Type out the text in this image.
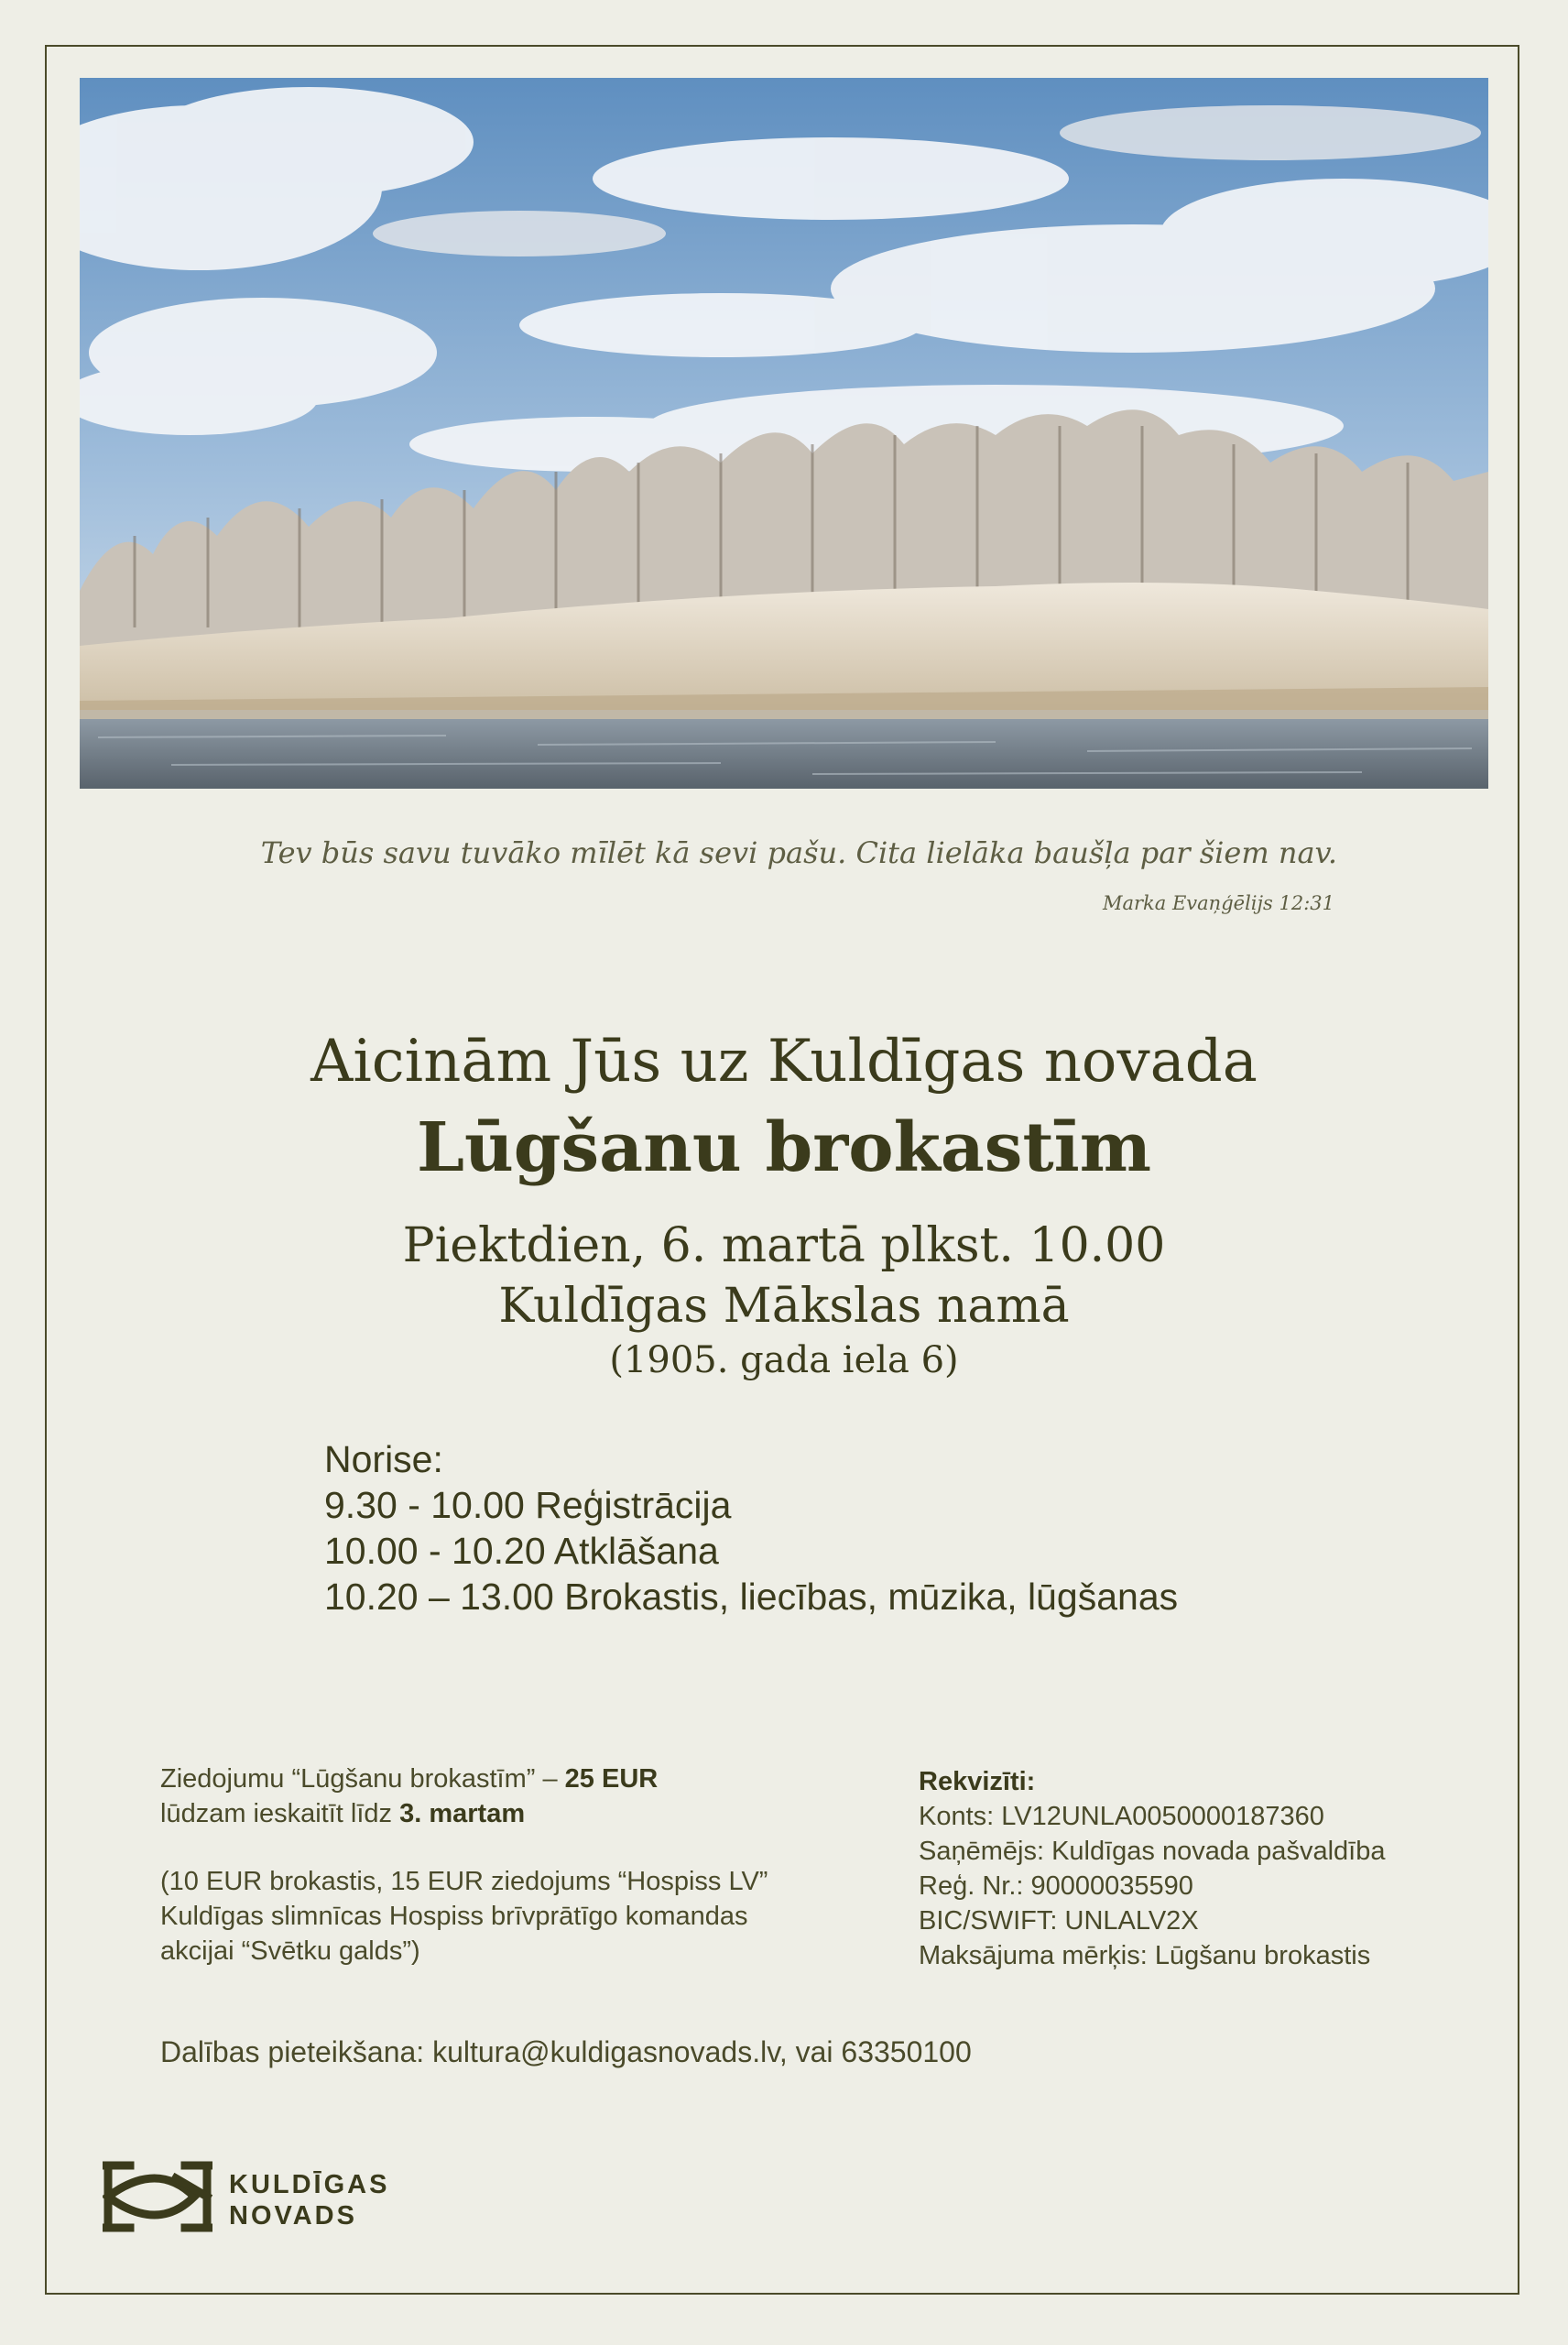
Tev būs savu tuvāko mīlēt kā sevi pašu. Cita lielāka baušļa par šiem nav.
Marka Evaņģēlijs 12:31
Aicinām Jūs uz Kuldīgas novada
Lūgšanu brokastīm
Piektdien, 6. martā plkst. 10.00
Kuldīgas Mākslas namā
(1905. gada iela 6)
Norise:
9.30 - 10.00 Reģistrācija
10.00 - 10.20 Atklāšana
10.20 – 13.00 Brokastis, liecības, mūzika, lūgšanas
Ziedojumu “Lūgšanu brokastīm” – 25 EUR
lūdzam ieskaitīt līdz 3. martam
(10 EUR brokastis, 15 EUR ziedojums “Hospiss LV”
Kuldīgas slimnīcas Hospiss brīvprātīgo komandas
akcijai “Svētku galds”)
Rekvizīti:
Konts: LV12UNLA0050000187360
Saņēmējs: Kuldīgas novada pašvaldība
Reģ. Nr.: 90000035590
BIC/SWIFT: UNLALV2X
Maksājuma mērķis: Lūgšanu brokastis
Dalības pieteikšana: kultura@kuldigasnovads.lv, vai 63350100
KULDĪGAS
NOVADS
